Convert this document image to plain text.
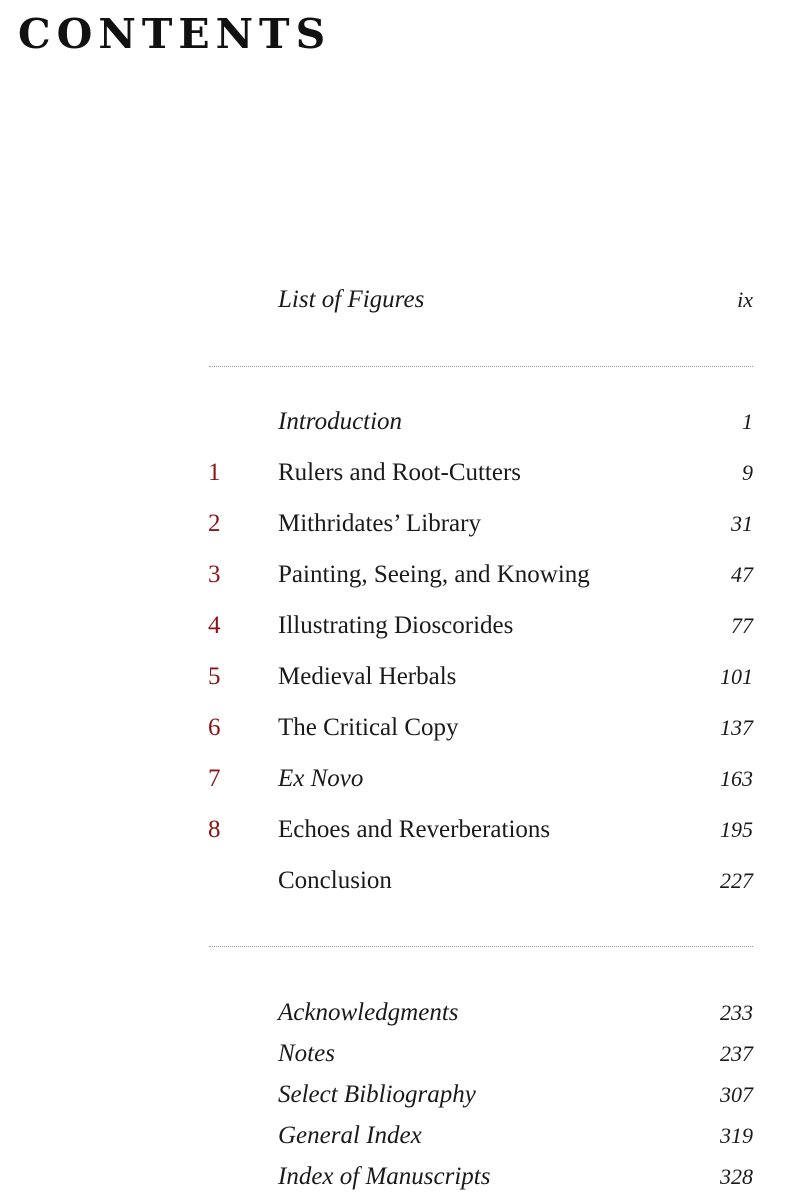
CONTENTS
List of Figures	ix
Introduction	1
1 Rulers and Root-Cutters	9
2 Mithridates’ Library	31
3 Painting, Seeing, and Knowing	47
4 Illustrating Dioscorides	77
5 Medieval Herbals	101
6 The Critical Copy	137
7 Ex Novo	163
8 Echoes and Reverberations	195
Conclusion	227
Acknowledgments	233
Notes	237
Select Bibliography	307
General Index	319
Index of Manuscripts	328
